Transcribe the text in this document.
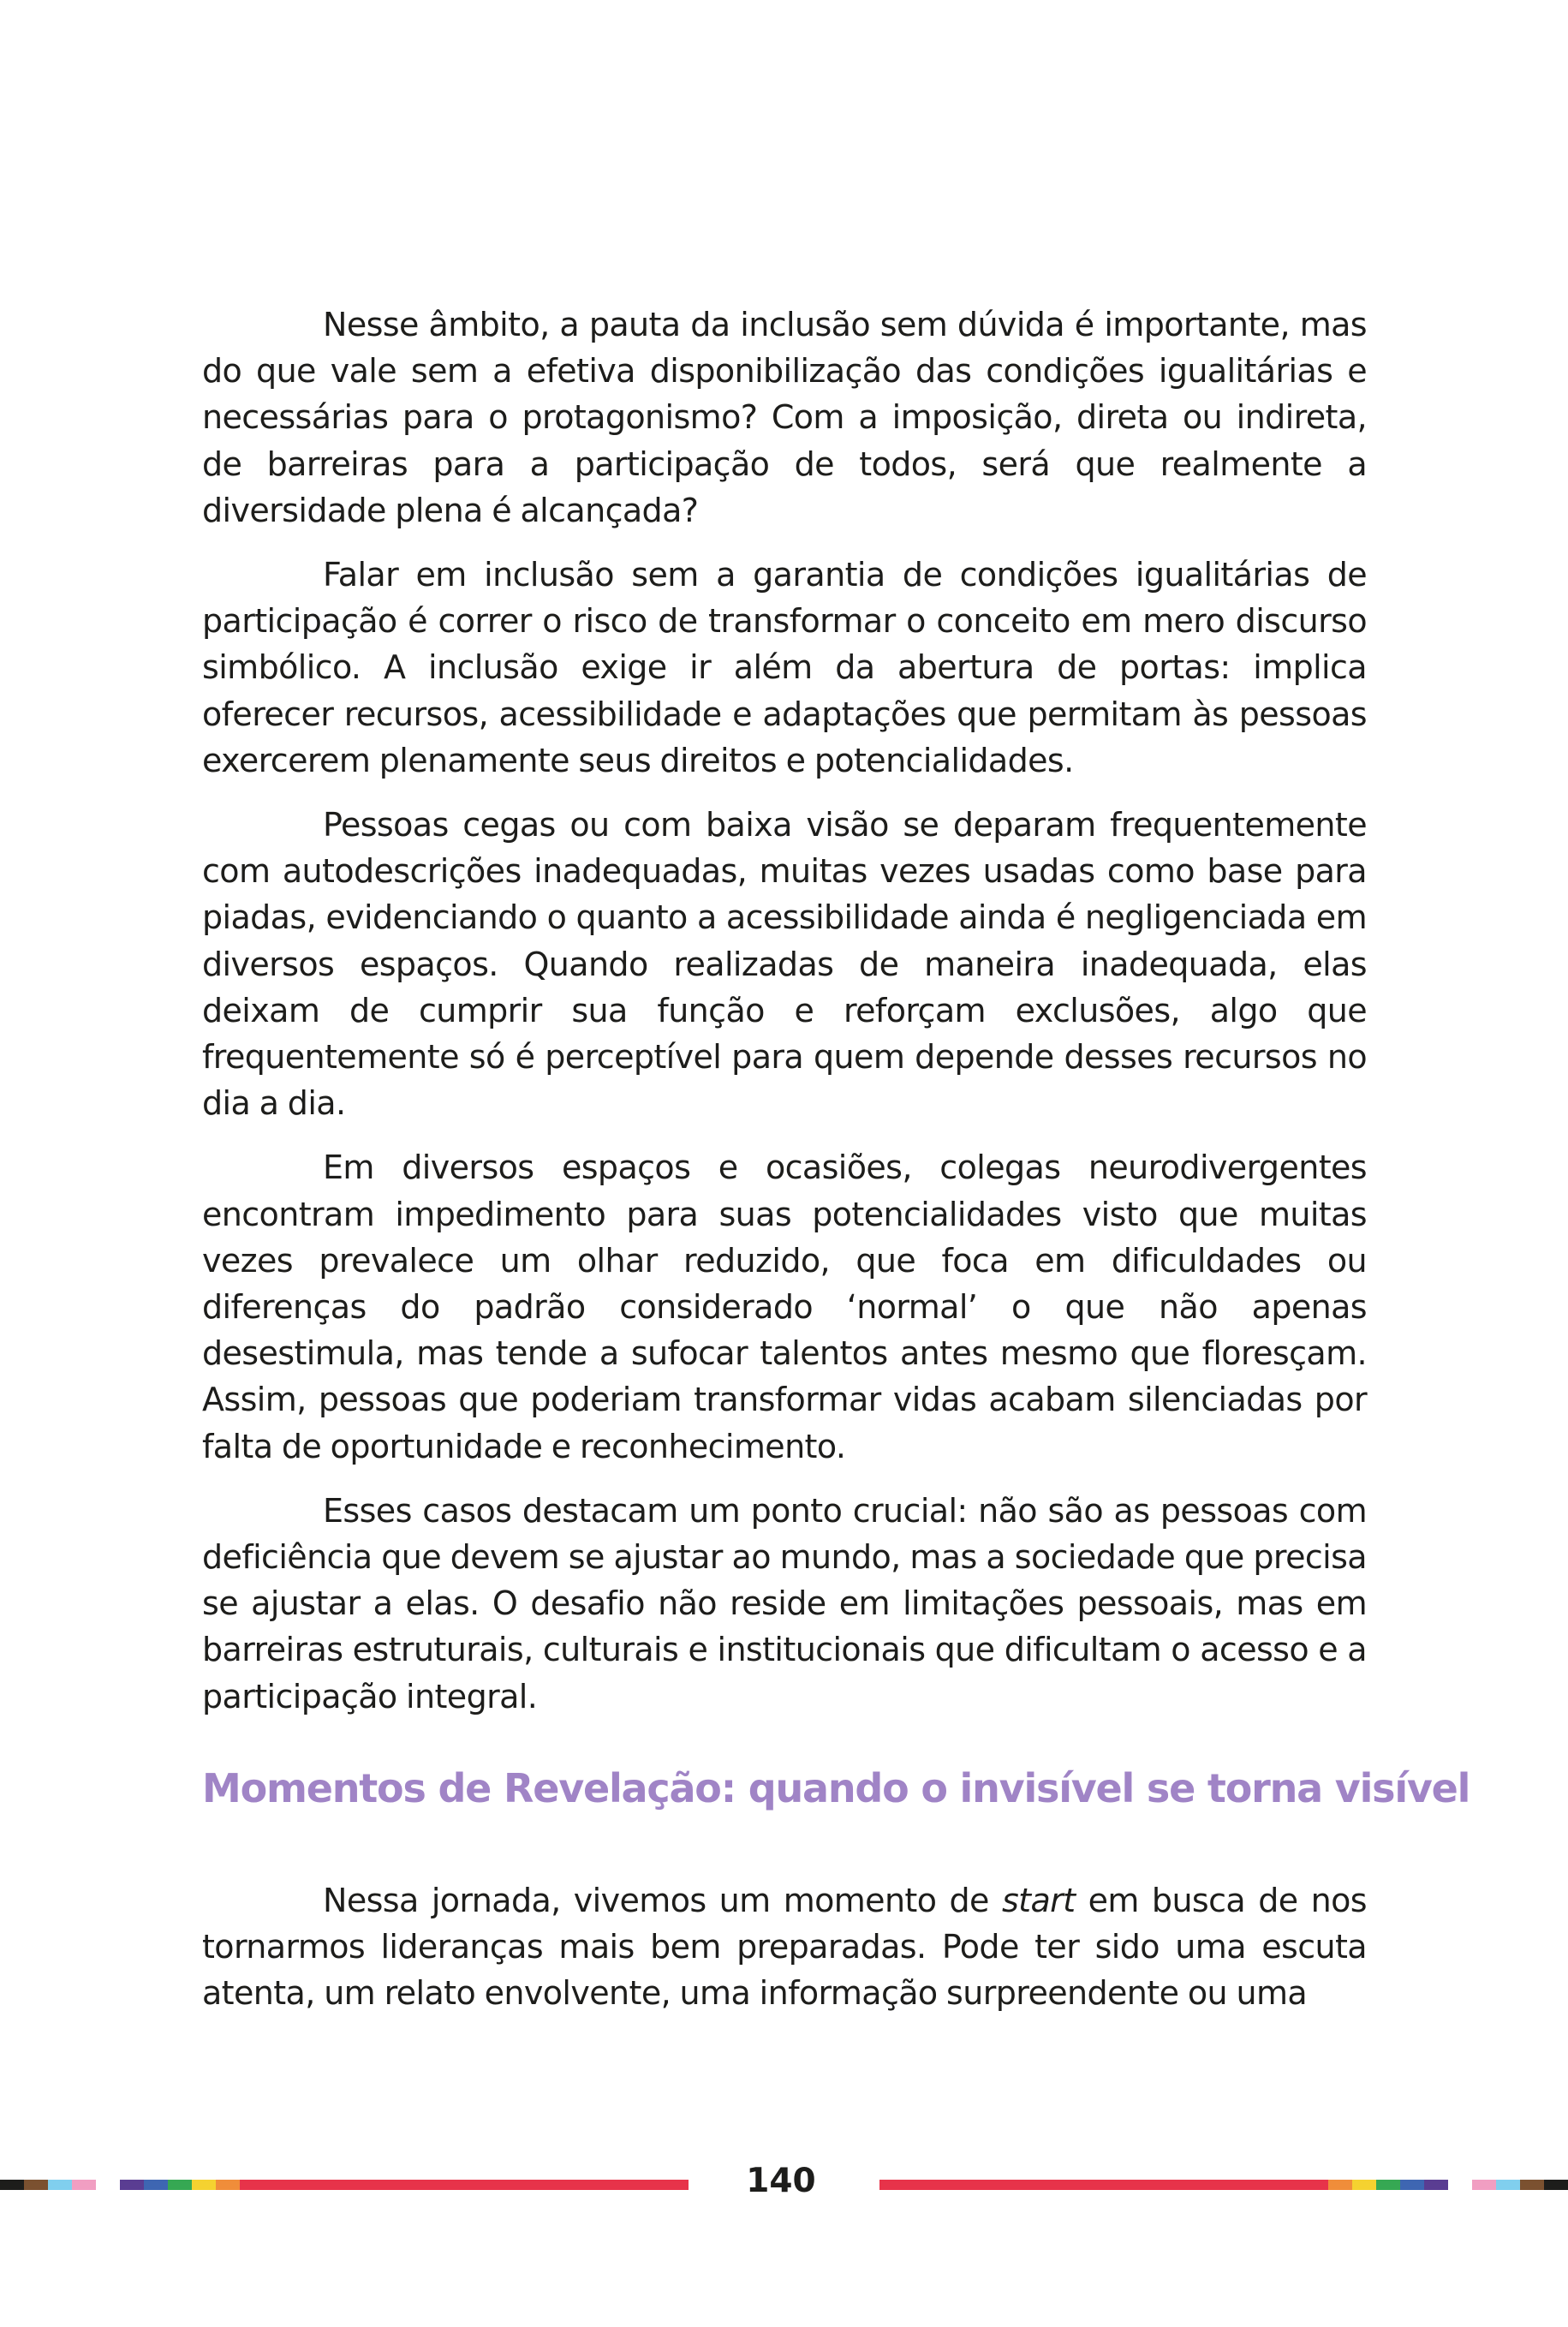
Nesse âmbito, a pauta da inclusão sem dúvida é importante, mas do que vale sem a efetiva disponibilização das condições igualitárias e necessárias para o protagonismo? Com a imposição, direta ou indireta, de barreiras para a participação de todos, será que realmente a diversidade plena é alcançada?

Falar em inclusão sem a garantia de condições igualitárias de participação é correr o risco de transformar o conceito em mero discurso simbólico. A inclusão exige ir além da abertura de portas: implica oferecer recursos, acessibilidade e adaptações que permitam às pessoas exercerem plenamente seus direitos e potencialidades.

Pessoas cegas ou com baixa visão se deparam frequentemente com autodescrições inadequadas, muitas vezes usadas como base para piadas, evidenciando o quanto a acessibilidade ainda é negligenciada em diversos espaços. Quando realizadas de maneira inadequada, elas deixam de cumprir sua função e reforçam exclusões, algo que frequentemente só é perceptível para quem depende desses recursos no dia a dia.

Em diversos espaços e ocasiões, colegas neurodivergentes encontram impedimento para suas potencialidades visto que muitas vezes prevalece um olhar reduzido, que foca em dificuldades ou diferenças do padrão considerado ‘normal’ o que não apenas desestimula, mas tende a sufocar talentos antes mesmo que floresçam. Assim, pessoas que poderiam transformar vidas acabam silenciadas por falta de oportunidade e reconhecimento.

Esses casos destacam um ponto crucial: não são as pessoas com deficiência que devem se ajustar ao mundo, mas a sociedade que precisa se ajustar a elas. O desafio não reside em limitações pessoais, mas em barreiras estruturais, culturais e institucionais que dificultam o acesso e a participação integral.

Momentos de Revelação: quando o invisível se torna visível

Nessa jornada, vivemos um momento de start em busca de nos tornarmos lideranças mais bem preparadas. Pode ter sido uma escuta atenta, um relato envolvente, uma informação surpreendente ou uma

140
